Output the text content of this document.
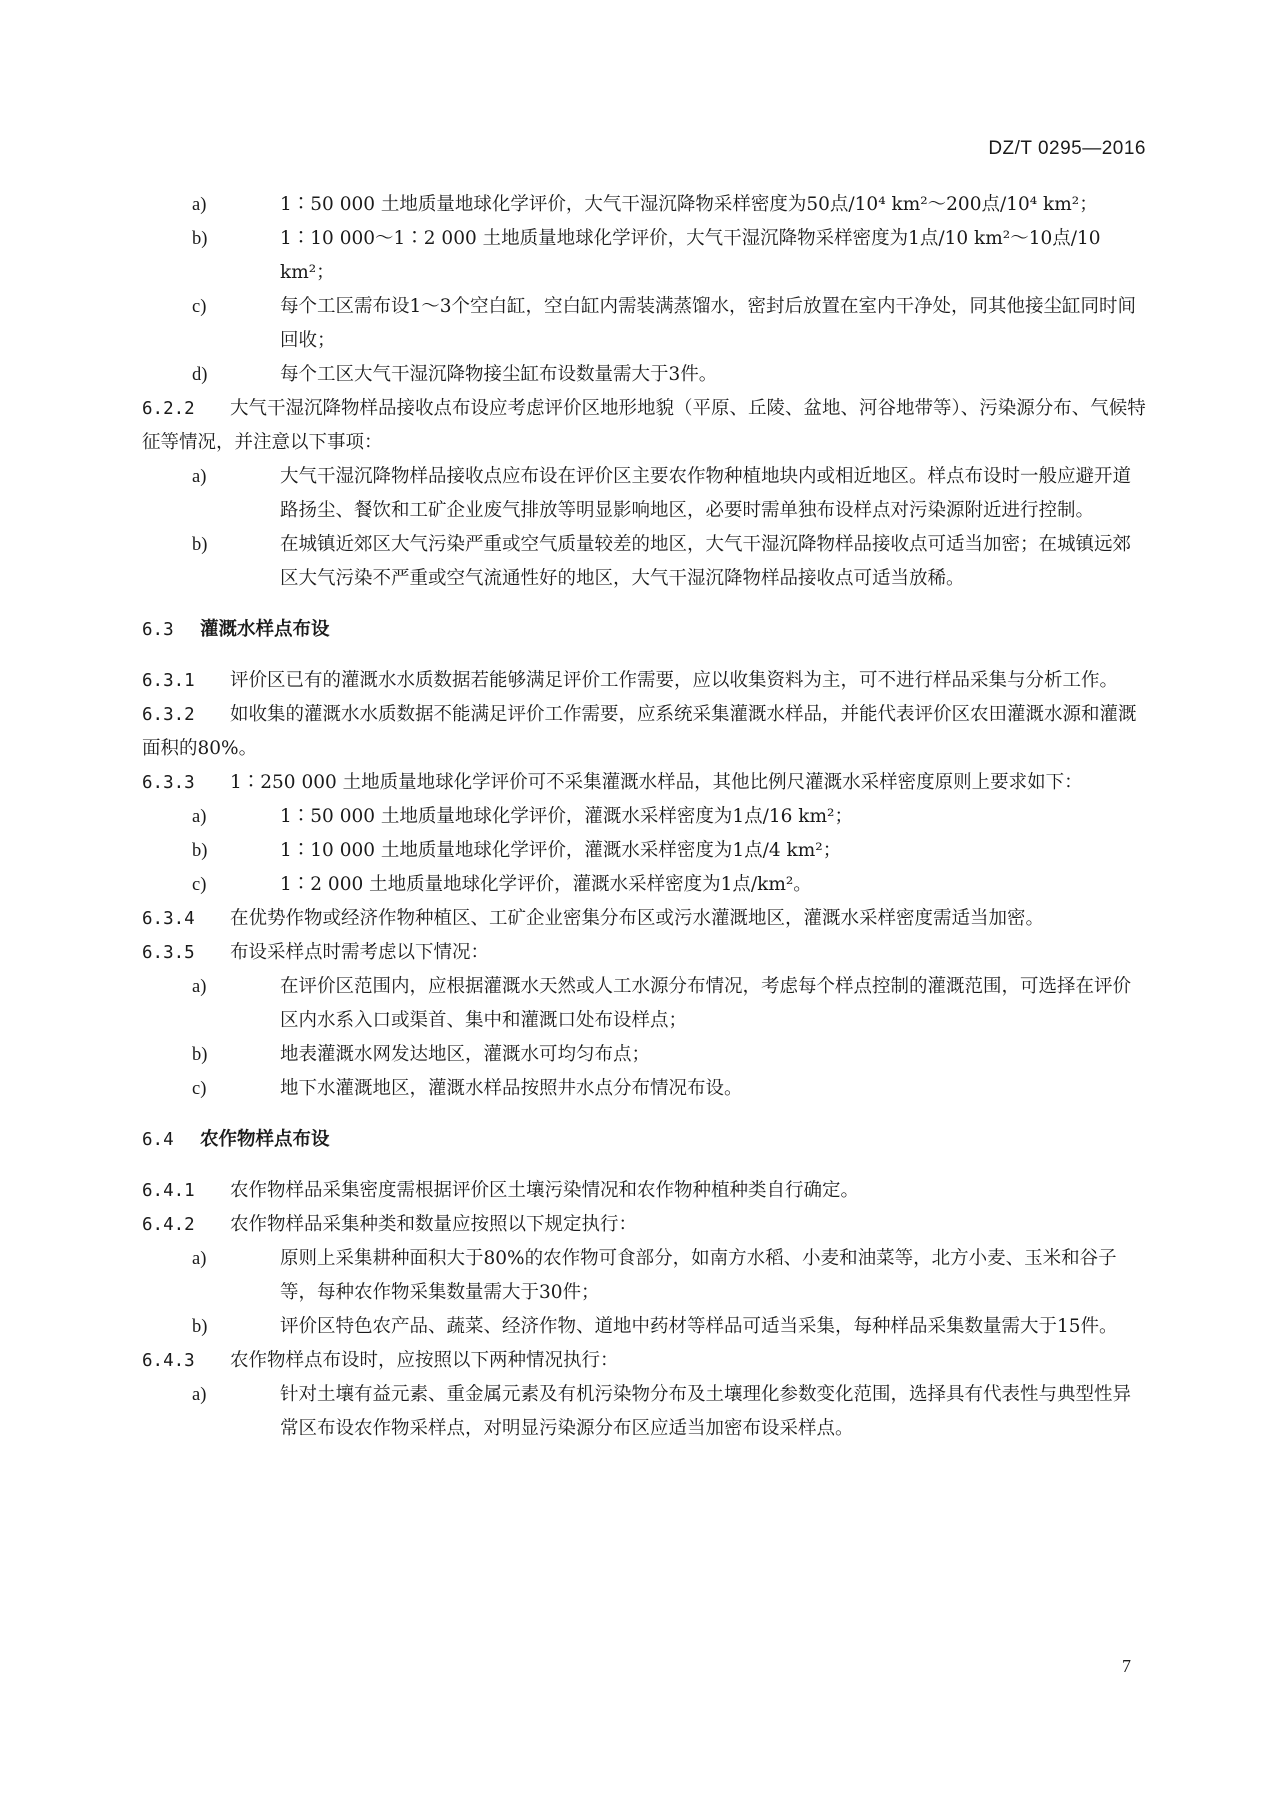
DZ/T 0295—2016
a)	1∶50 000 土地质量地球化学评价，大气干湿沉降物采样密度为50点/10⁴ km²～200点/10⁴ km²；
b)	1∶10 000～1∶2 000 土地质量地球化学评价，大气干湿沉降物采样密度为1点/10 km²～10点/10 km²；
c)	每个工区需布设1～3个空白缸，空白缸内需装满蒸馏水，密封后放置在室内干净处，同其他接尘缸同时间回收；
d)	每个工区大气干湿沉降物接尘缸布设数量需大于3件。

6.2.2 大气干湿沉降物样品接收点布设应考虑评价区地形地貌（平原、丘陵、盆地、河谷地带等）、污染源分布、气候特征等情况，并注意以下事项：

a)	大气干湿沉降物样品接收点应布设在评价区主要农作物种植地块内或相近地区。样点布设时一般应避开道路扬尘、餐饮和工矿企业废气排放等明显影响地区，必要时需单独布设样点对污染源附近进行控制。
b)	在城镇近郊区大气污染严重或空气质量较差的地区，大气干湿沉降物样品接收点可适当加密；在城镇远郊区大气污染不严重或空气流通性好的地区，大气干湿沉降物样品接收点可适当放稀。
6.3 灌溉水样点布设

6.3.1 评价区已有的灌溉水水质数据若能够满足评价工作需要，应以收集资料为主，可不进行样品采集与分析工作。

6.3.2 如收集的灌溉水水质数据不能满足评价工作需要，应系统采集灌溉水样品，并能代表评价区农田灌溉水源和灌溉面积的80%。

6.3.3 1∶250 000 土地质量地球化学评价可不采集灌溉水样品，其他比例尺灌溉水采样密度原则上要求如下：

a)	1∶50 000 土地质量地球化学评价，灌溉水采样密度为1点/16 km²；
b)	1∶10 000 土地质量地球化学评价，灌溉水采样密度为1点/4 km²；
c)	1∶2 000 土地质量地球化学评价，灌溉水采样密度为1点/km²。

6.3.4 在优势作物或经济作物种植区、工矿企业密集分布区或污水灌溉地区，灌溉水采样密度需适当加密。

6.3.5 布设采样点时需考虑以下情况：

a)	在评价区范围内，应根据灌溉水天然或人工水源分布情况，考虑每个样点控制的灌溉范围，可选择在评价区内水系入口或渠首、集中和灌溉口处布设样点；
b)	地表灌溉水网发达地区，灌溉水可均匀布点；
c)	地下水灌溉地区，灌溉水样品按照井水点分布情况布设。
6.4 农作物样点布设

6.4.1 农作物样品采集密度需根据评价区土壤污染情况和农作物种植种类自行确定。

6.4.2 农作物样品采集种类和数量应按照以下规定执行：

a)	原则上采集耕种面积大于80%的农作物可食部分，如南方水稻、小麦和油菜等，北方小麦、玉米和谷子等，每种农作物采集数量需大于30件；
b)	评价区特色农产品、蔬菜、经济作物、道地中药材等样品可适当采集，每种样品采集数量需大于15件。

6.4.3 农作物样点布设时，应按照以下两种情况执行：

a)	针对土壤有益元素、重金属元素及有机污染物分布及土壤理化参数变化范围，选择具有代表性与典型性异常区布设农作物采样点，对明显污染源分布区应适当加密布设采样点。
7
